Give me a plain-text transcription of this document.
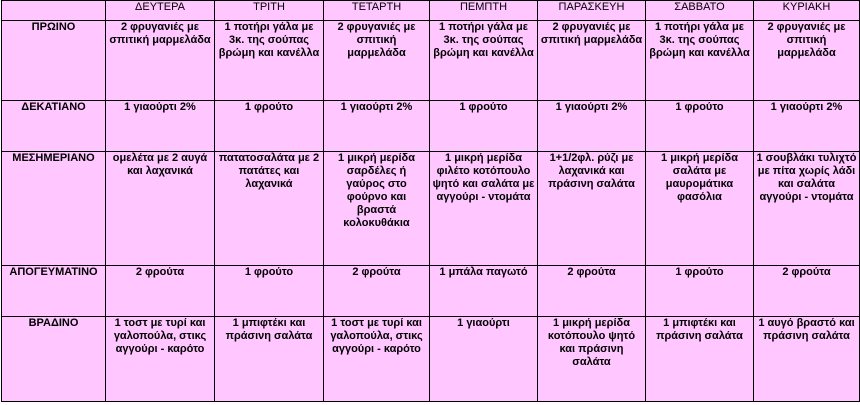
	ΔΕΥΤΕΡΑ	ΤΡΙΤΗ	ΤΕΤΑΡΤΗ	ΠΕΜΠΤΗ	ΠΑΡΑΣΚΕΥΗ	ΣΑΒΒΑΤΟ	ΚΥΡΙΑΚΗ
ΠΡΩΙΝΟ	2 φρυγανιές με σπιτική μαρμελάδα	1 ποτήρι γάλα με 3κ. της σούπας βρώμη και κανέλλα	2 φρυγανιές με σπιτική μαρμελάδα	1 ποτήρι γάλα με 3κ. της σούπας βρώμη και κανέλλα	2 φρυγανιές με σπιτική μαρμελάδα	1 ποτήρι γάλα με 3κ. της σούπας βρώμη και κανέλλα	2 φρυγανιές με σπιτική μαρμελάδα
ΔΕΚΑΤΙΑΝΟ	1 γιαούρτι 2%	1 φρούτο	1 γιαούρτι 2%	1 φρούτο	1 γιαούρτι 2%	1 φρούτο	1 γιαούρτι 2%
ΜΕΣΗΜΕΡΙΑΝΟ	ομελέτα με 2 αυγά και λαχανικά	πατατοσαλάτα με 2 πατάτες και λαχανικά	1 μικρή μερίδα σαρδέλες ή γαύρος στο φούρνο και βραστά κολοκυθάκια	1 μικρή μερίδα φιλέτο κοτόπουλο ψητό και σαλάτα με αγγούρι - ντομάτα	1+1/2φλ. ρύζι με λαχανικά και πράσινη σαλάτα	1 μικρή μερίδα σαλάτα με μαυρομάτικα φασόλια	1 σουβλάκι τυλιχτό με πίτα χωρίς λάδι και σαλάτα αγγούρι - ντομάτα
ΑΠΟΓΕΥΜΑΤΙΝΟ	2 φρούτα	1 φρούτο	2 φρούτα	1 μπάλα παγωτό	2 φρούτα	1 φρούτο	2 φρούτα
ΒΡΑΔΙΝΟ	1 τοστ με τυρί και γαλοπούλα, στικς αγγούρι - καρότο	1 μπιφτέκι και πράσινη σαλάτα	1 τοστ με τυρί και γαλοπούλα, στικς αγγούρι - καρότο	1 γιαούρτι	1 μικρή μερίδα κοτόπουλο ψητό και πράσινη σαλάτα	1 μπιφτέκι και πράσινη σαλάτα	1 αυγό βραστό και πράσινη σαλάτα
